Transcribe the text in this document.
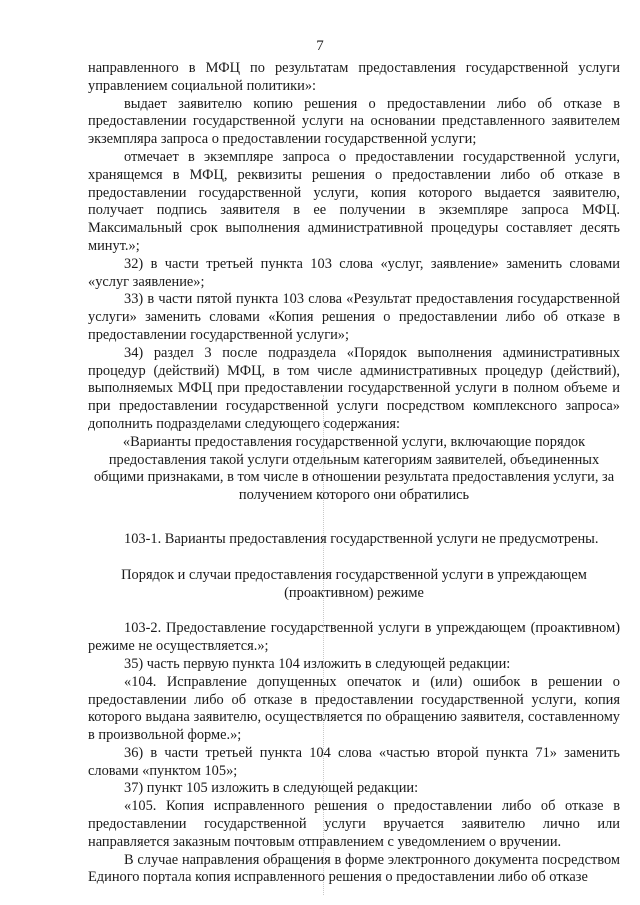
7

направленного в МФЦ по результатам предоставления государственной услуги управлением социальной политики»:

выдает заявителю копию решения о предоставлении либо об отказе в предоставлении государственной услуги на основании представленного заявителем экземпляра запроса о предоставлении государственной услуги;

отмечает в экземпляре запроса о предоставлении государственной услуги, хранящемся в МФЦ, реквизиты решения о предоставлении либо об отказе в предоставлении государственной услуги, копия которого выдается заявителю, получает подпись заявителя в ее получении в экземпляре запроса МФЦ. Максимальный срок выполнения административной процедуры составляет десять минут.»;

32) в части третьей пункта 103 слова «услуг, заявление» заменить словами «услуг заявление»;

33) в части пятой пункта 103 слова «Результат предоставления государственной услуги» заменить словами «Копия решения о предоставлении либо об отказе в предоставлении государственной услуги»;

34) раздел 3 после подраздела «Порядок выполнения административных процедур (действий) МФЦ, в том числе административных процедур (действий), выполняемых МФЦ при предоставлении государственной услуги в полном объеме и при предоставлении государственной услуги посредством комплексного запроса» дополнить подразделами следующего содержания:

«Варианты предоставления государственной услуги, включающие порядок предоставления такой услуги отдельным категориям заявителей, объединенных общими признаками, в том числе в отношении результата предоставления услуги, за получением которого они обратились

103-1. Варианты предоставления государственной услуги не предусмотрены.

Порядок и случаи предоставления государственной услуги в упреждающем (проактивном) режиме

103-2. Предоставление государственной услуги в упреждающем (проактивном) режиме не осуществляется.»;

35) часть первую пункта 104 изложить в следующей редакции:

«104. Исправление допущенных опечаток и (или) ошибок в решении о предоставлении либо об отказе в предоставлении государственной услуги, копия которого выдана заявителю, осуществляется по обращению заявителя, составленному в произвольной форме.»;

36) в части третьей пункта 104 слова «частью второй пункта 71» заменить словами «пунктом 105»;

37) пункт 105 изложить в следующей редакции:

«105. Копия исправленного решения о предоставлении либо об отказе в предоставлении государственной услуги вручается заявителю лично или направляется заказным почтовым отправлением с уведомлением о вручении.

В случае направления обращения в форме электронного документа посредством Единого портала копия исправленного решения о предоставлении либо об отказе
